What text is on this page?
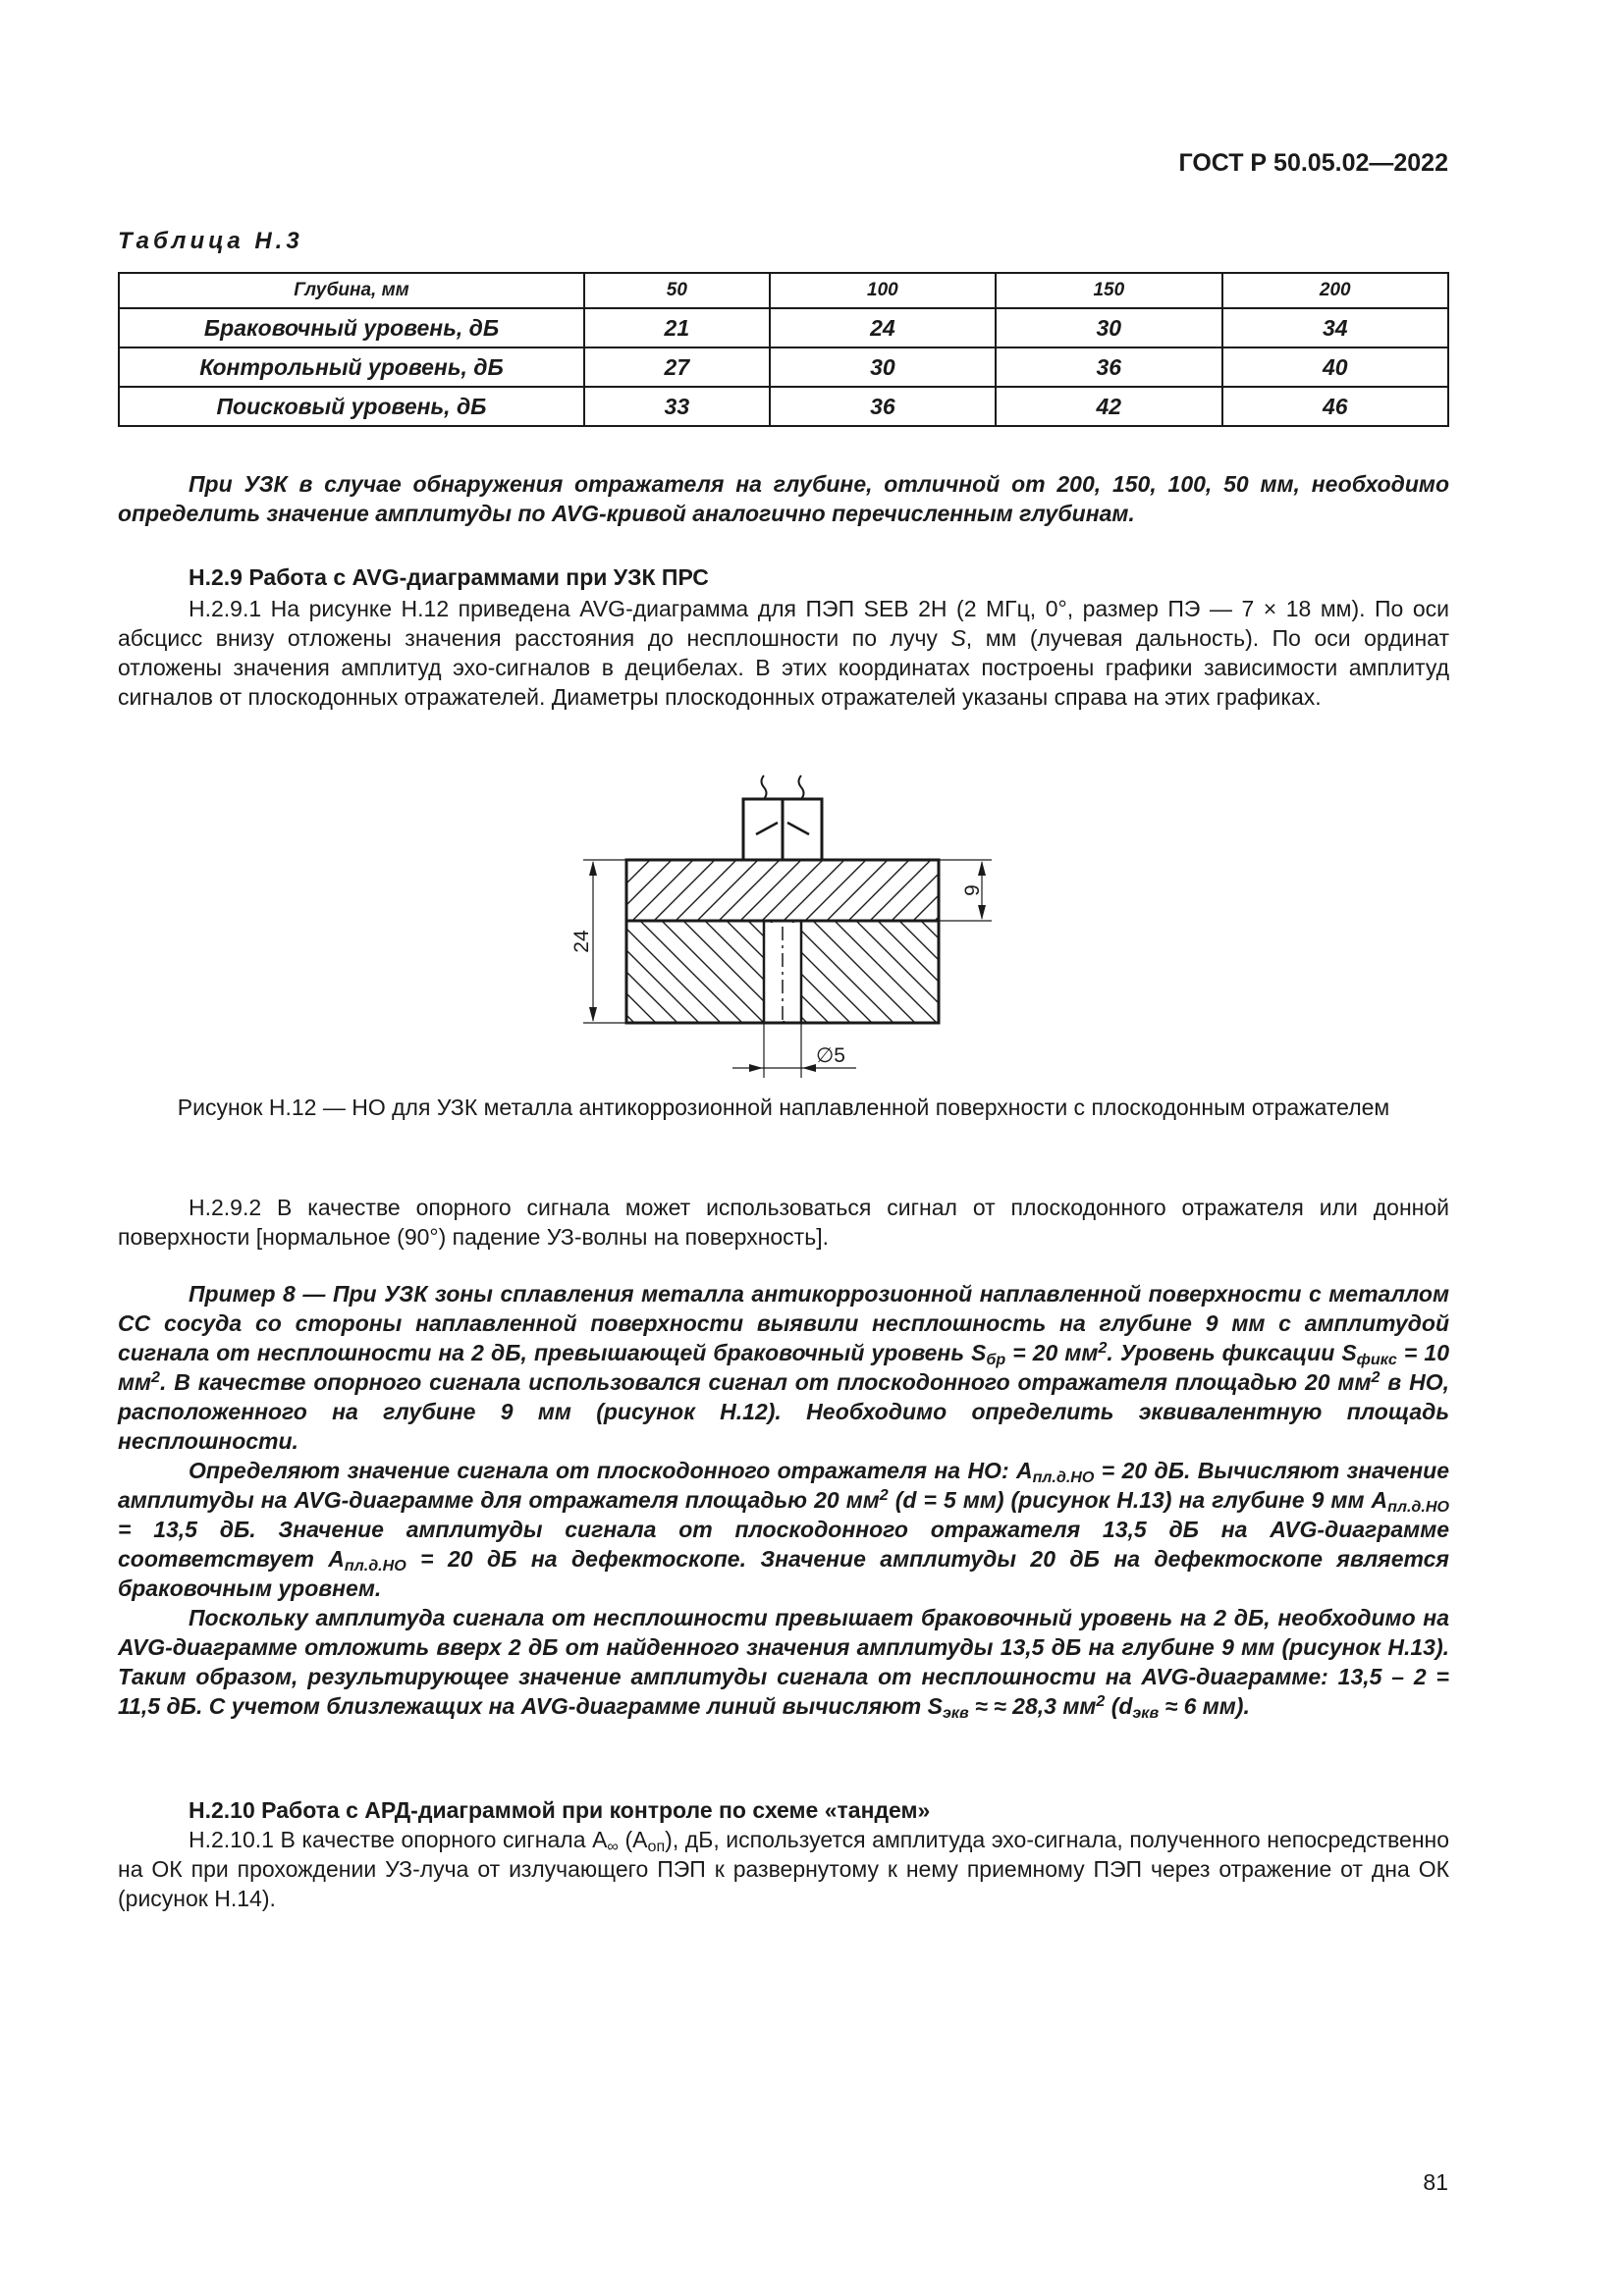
ГОСТ Р 50.05.02—2022
Таблица Н.3
Глубина, мм	50	100	150	200
Браковочный уровень, дБ	21	24	30	34
Контрольный уровень, дБ	27	30	36	40
Поисковый уровень, дБ	33	36	42	46
При УЗК в случае обнаружения отражателя на глубине, отличной от 200, 150, 100, 50 мм, необходимо определить значение амплитуды по AVG-кривой аналогично перечисленным глубинам.
Н.2.9 Работа с AVG-диаграммами при УЗК ПРС
Н.2.9.1 На рисунке Н.12 приведена AVG-диаграмма для ПЭП SEB 2H (2 МГц, 0°, размер ПЭ — 7 × 18 мм). По оси абсцисс внизу отложены значения расстояния до несплошности по лучу S, мм (лучевая дальность). По оси ординат отложены значения амплитуд эхо-сигналов в децибелах. В этих координатах построены графики зависимости амплитуд сигналов от плоскодонных отражателей. Диаметры плоскодонных отражателей указаны справа на этих графиках.
24
9
∅5
Рисунок Н.12 — НО для УЗК металла антикоррозионной наплавленной поверхности с плоскодонным отражателем
Н.2.9.2 В качестве опорного сигнала может использоваться сигнал от плоскодонного отражателя или донной поверхности [нормальное (90°) падение УЗ-волны на поверхность].
Пример 8 — При УЗК зоны сплавления металла антикоррозионной наплавленной поверхности с металлом СС сосуда со стороны наплавленной поверхности выявили несплошность на глубине 9 мм с амплитудой сигнала от несплошности на 2 дБ, превышающей браковочный уровень $S_{бр} = 20$ $мм^2$. Уровень фиксации $S_{фикс} = 10$ $мм^2$. В качестве опорного сигнала использовался сигнал от плоскодонного отражателя площадью 20 $мм^2$ в НО, расположенного на глубине 9 мм (рисунок Н.12). Необходимо определить эквивалентную площадь несплошности.
Определяют значение сигнала от плоскодонного отражателя на НО: $А_{пл.д.НО} = 20$ дБ. Вычисляют значение амплитуды на AVG-диаграмме для отражателя площадью 20 $мм^2$ (d = 5 мм) (рисунок Н.13) на глубине 9 мм $А_{пл.д.НО} = 13,5$ дБ. Значение амплитуды сигнала от плоскодонного отражателя 13,5 дБ на AVG-диаграмме соответствует $А_{пл.д.НО} = 20$ дБ на дефектоскопе. Значение амплитуды 20 дБ на дефектоскопе является браковочным уровнем.
Поскольку амплитуда сигнала от несплошности превышает браковочный уровень на 2 дБ, необходимо на AVG-диаграмме отложить вверх 2 дБ от найденного значения амплитуды 13,5 дБ на глубине 9 мм (рисунок Н.13). Таким образом, результирующее значение амплитуды сигнала от несплошности на AVG-диаграмме: 13,5 – 2 = 11,5 дБ. С учетом близлежащих на AVG-диаграмме линий вычисляют $S_{экв}$ ≈ ≈ 28,3 $мм^2$ ($d_{экв} \approx 6$ мм).
Н.2.10 Работа с АРД-диаграммой при контроле по схеме «тандем»
Н.2.10.1 В качестве опорного сигнала $А_\infty$ $(А_{оп})$, дБ, используется амплитуда эхо-сигнала, полученного непосредственно на ОК при прохождении УЗ-луча от излучающего ПЭП к развернутому к нему приемному ПЭП через отражение от дна ОК (рисунок Н.14).
81
